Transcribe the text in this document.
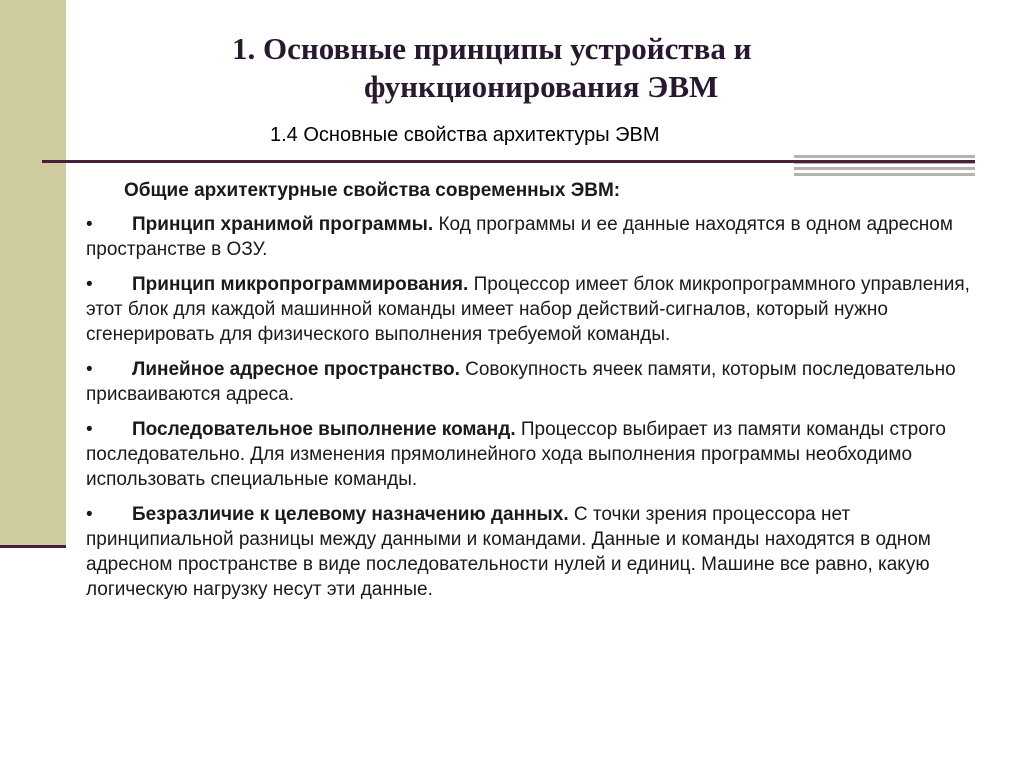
1. Основные принципы устройства и
функционирования ЭВМ
1.4 Основные свойства архитектуры ЭВМ
Общие архитектурные свойства современных ЭВМ:
• Принцип хранимой программы. Код программы и ее данные находятся в одном адресном пространстве в ОЗУ.
• Принцип микропрограммирования. Процессор имеет блок микропрограммного управления, этот блок для каждой машинной команды имеет набор действий-сигналов, который нужно сгенерировать для физического выполнения требуемой команды.
• Линейное адресное пространство. Совокупность ячеек памяти, которым последовательно присваиваются адреса.
• Последовательное выполнение команд. Процессор выбирает из памяти команды строго последовательно. Для изменения прямолинейного хода выполнения программы необходимо использовать специальные команды.
• Безразличие к целевому назначению данных. С точки зрения процессора нет принципиальной разницы между данными и командами. Данные и команды находятся в одном адресном пространстве в виде последовательности нулей и единиц. Машине все равно, какую логическую нагрузку несут эти данные.
